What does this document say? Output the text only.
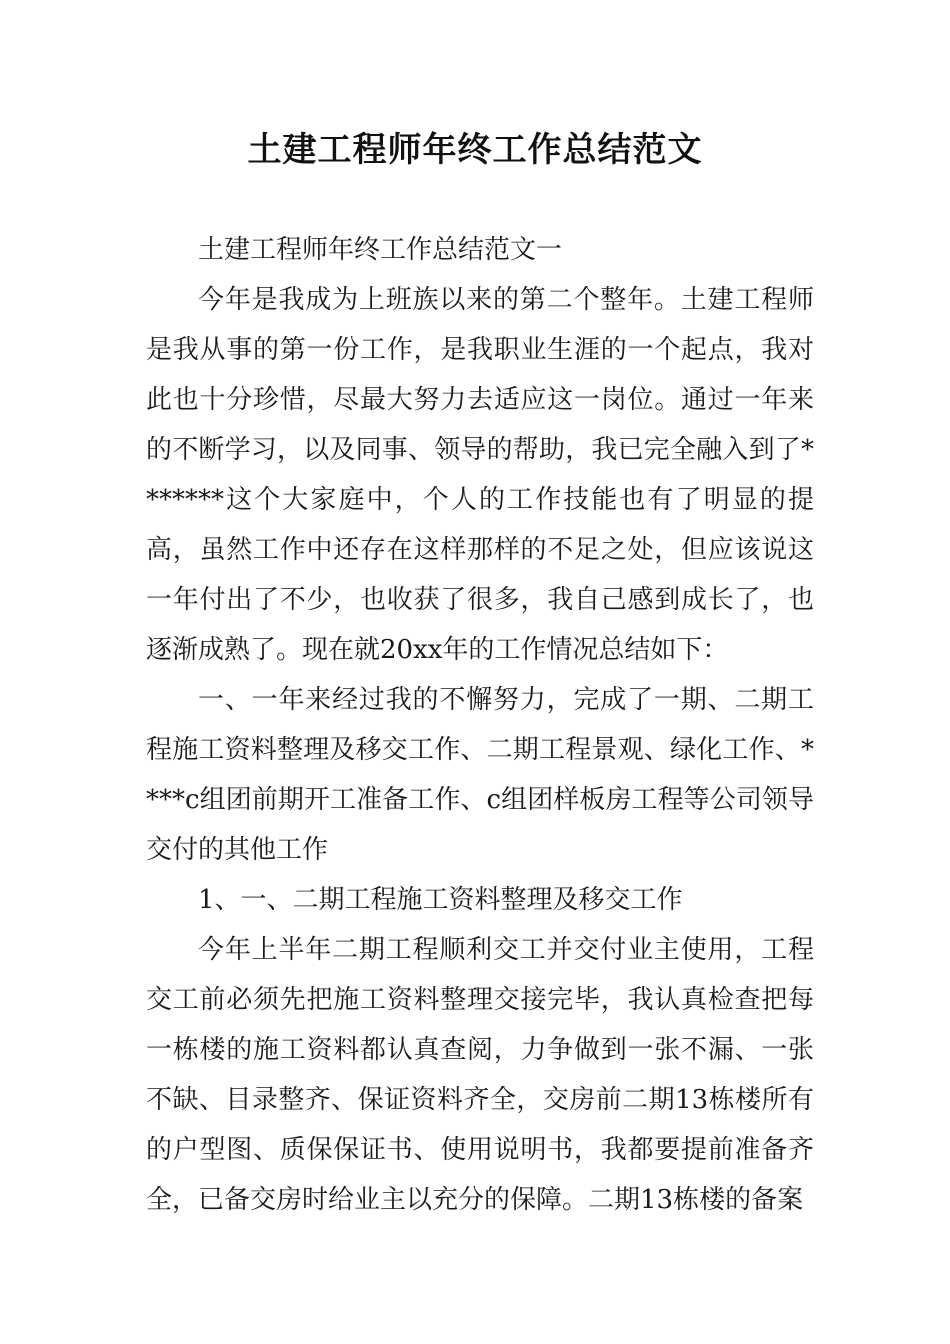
土建工程师年终工作总结范文

土建工程师年终工作总结范文一

今年是我成为上班族以来的第二个整年。土建工程师是我从事的第一份工作，是我职业生涯的一个起点，我对此也十分珍惜，尽最大努力去适应这一岗位。通过一年来的不断学习，以及同事、领导的帮助，我已完全融入到了*******这个大家庭中，个人的工作技能也有了明显的提高，虽然工作中还存在这样那样的不足之处，但应该说这一年付出了不少，也收获了很多，我自己感到成长了，也逐渐成熟了。现在就20xx年的工作情况总结如下：

一、一年来经过我的不懈努力，完成了一期、二期工程施工资料整理及移交工作、二期工程景观、绿化工作、****c组团前期开工准备工作、c组团样板房工程等公司领导交付的其他工作

1、一、二期工程施工资料整理及移交工作

今年上半年二期工程顺利交工并交付业主使用，工程交工前必须先把施工资料整理交接完毕，我认真检查把每一栋楼的施工资料都认真查阅，力争做到一张不漏、一张不缺、目录整齐、保证资料齐全，交房前二期13栋楼所有的户型图、质保保证书、使用说明书，我都要提前准备齐全，已备交房时给业主以充分的保障。二期13栋楼的备案
